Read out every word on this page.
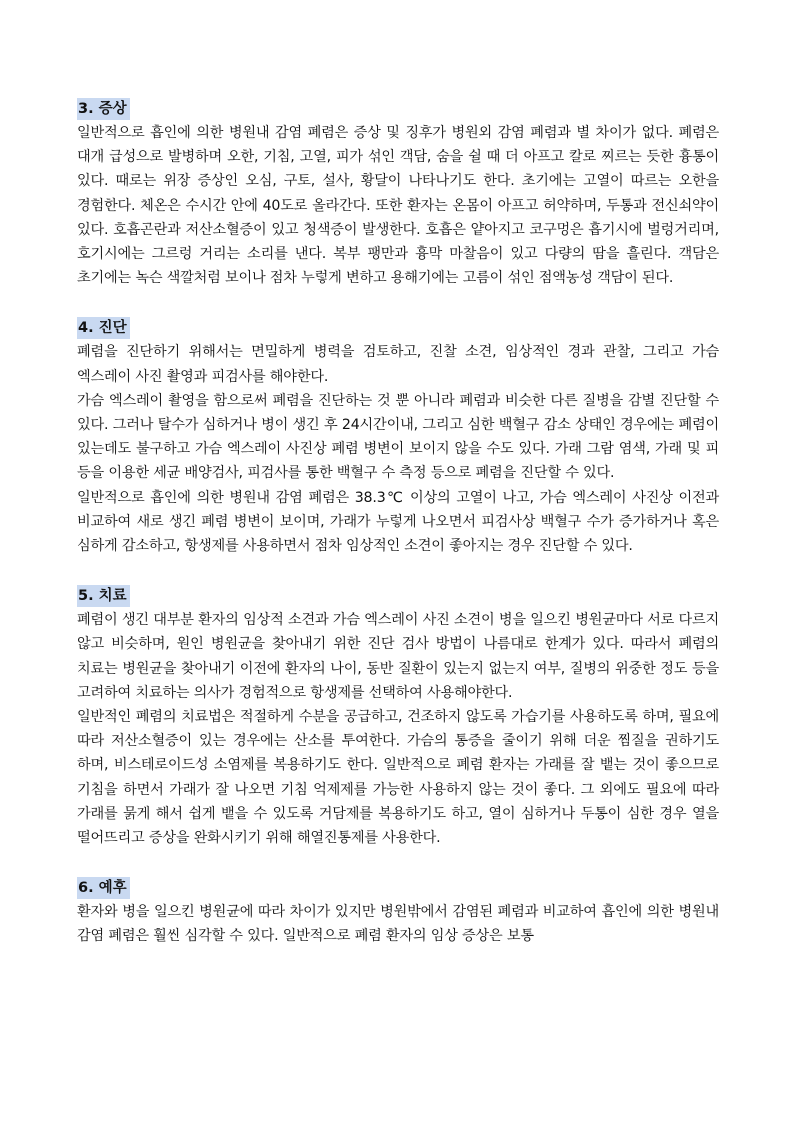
3. 증상

일반적으로 흡인에 의한 병원내 감염 폐렴은 증상 및 징후가 병원외 감염 폐렴과 별 차이가 없다. 폐렴은 대개 급성으로 발병하며 오한, 기침, 고열, 피가 섞인 객담, 숨을 쉴 때 더 아프고 칼로 찌르는 듯한 흉통이 있다. 때로는 위장 증상인 오심, 구토, 설사, 황달이 나타나기도 한다. 초기에는 고열이 따르는 오한을 경험한다. 체온은 수시간 안에 40도로 올라간다. 또한 환자는 온몸이 아프고 허약하며, 두통과 전신쇠약이 있다. 호흡곤란과 저산소혈증이 있고 청색증이 발생한다. 호흡은 얕아지고 코구멍은 흡기시에 벌렁거리며, 호기시에는 그르렁 거리는 소리를 낸다. 복부 팽만과 흉막 마찰음이 있고 다량의 땀을 흘린다. 객담은 초기에는 녹슨 색깔처럼 보이나 점차 누렇게 변하고 용해기에는 고름이 섞인 점액농성 객담이 된다.

4. 진단

폐렴을 진단하기 위해서는 면밀하게 병력을 검토하고, 진찰 소견, 임상적인 경과 관찰, 그리고 가슴 엑스레이 사진 촬영과 피검사를 해야한다.

가슴 엑스레이 촬영을 함으로써 폐렴을 진단하는 것 뿐 아니라 폐렴과 비슷한 다른 질병을 감별 진단할 수 있다. 그러나 탈수가 심하거나 병이 생긴 후 24시간이내, 그리고 심한 백혈구 감소 상태인 경우에는 폐렴이 있는데도 불구하고 가슴 엑스레이 사진상 폐렴 병변이 보이지 않을 수도 있다. 가래 그람 염색, 가래 및 피 등을 이용한 세균 배양검사, 피검사를 통한 백혈구 수 측정 등으로 폐렴을 진단할 수 있다.

일반적으로 흡인에 의한 병원내 감염 폐렴은 38.3℃ 이상의 고열이 나고, 가슴 엑스레이 사진상 이전과 비교하여 새로 생긴 폐렴 병변이 보이며, 가래가 누렇게 나오면서 피검사상 백혈구 수가 증가하거나 혹은 심하게 감소하고, 항생제를 사용하면서 점차 임상적인 소견이 좋아지는 경우 진단할 수 있다.

5. 치료

폐렴이 생긴 대부분 환자의 임상적 소견과 가슴 엑스레이 사진 소견이 병을 일으킨 병원균마다 서로 다르지 않고 비슷하며, 원인 병원균을 찾아내기 위한 진단 검사 방법이 나름대로 한계가 있다. 따라서 폐렴의 치료는 병원균을 찾아내기 이전에 환자의 나이, 동반 질환이 있는지 없는지 여부, 질병의 위중한 정도 등을 고려하여 치료하는 의사가 경험적으로 항생제를 선택하여 사용해야한다.

일반적인 폐렴의 치료법은 적절하게 수분을 공급하고, 건조하지 않도록 가습기를 사용하도록 하며, 필요에 따라 저산소혈증이 있는 경우에는 산소를 투여한다. 가슴의 통증을 줄이기 위해 더운 찜질을 권하기도 하며, 비스테로이드성 소염제를 복용하기도 한다. 일반적으로 폐렴 환자는 가래를 잘 뱉는 것이 좋으므로 기침을 하면서 가래가 잘 나오면 기침 억제제를 가능한 사용하지 않는 것이 좋다. 그 외에도 필요에 따라 가래를 묽게 해서 쉽게 뱉을 수 있도록 거담제를 복용하기도 하고, 열이 심하거나 두통이 심한 경우 열을 떨어뜨리고 증상을 완화시키기 위해 해열진통제를 사용한다.

6. 예후

환자와 병을 일으킨 병원균에 따라 차이가 있지만 병원밖에서 감염된 폐렴과 비교하여 흡인에 의한 병원내 감염 폐렴은 훨씬 심각할 수 있다. 일반적으로 폐렴 환자의 임상 증상은 보통
